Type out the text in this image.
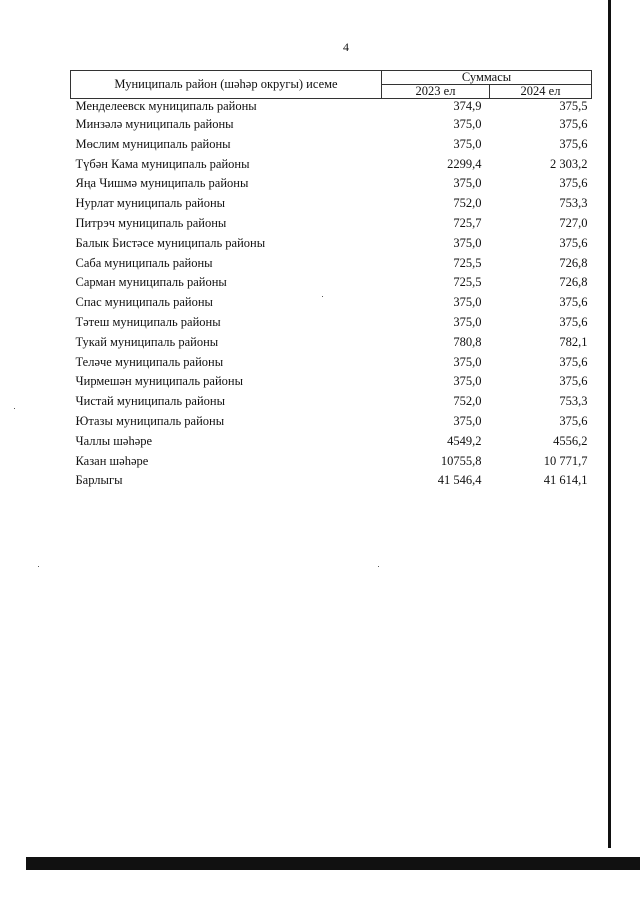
4
Муниципаль район (шәһәр округы) исеме	Суммасы	
	2023 ел	2024 ел
Менделеевск муниципаль районы	374,9	375,5
Минзәлә муниципаль районы	375,0	375,6
Мөслим муниципаль районы	375,0	375,6
Түбән Кама муниципаль районы	2299,4	2 303,2
Яңа Чишмә муниципаль районы	375,0	375,6
Нурлат муниципаль районы	752,0	753,3
Питрэч муниципаль районы	725,7	727,0
Балык Бистәсе муниципаль районы	375,0	375,6
Саба муниципаль районы	725,5	726,8
Сарман муниципаль районы	725,5	726,8
Спас муниципаль районы	375,0	375,6
Тәтеш муниципаль районы	375,0	375,6
Тукай муниципаль районы	780,8	782,1
Теләче муниципаль районы	375,0	375,6
Чирмешән муниципаль районы	375,0	375,6
Чистай муниципаль районы	752,0	753,3
Ютазы муниципаль районы	375,0	375,6
Чаллы шәһәре	4549,2	4556,2
Казан шәһәре	10755,8	10 771,7
Барлыгы	41 546,4	41 614,1
